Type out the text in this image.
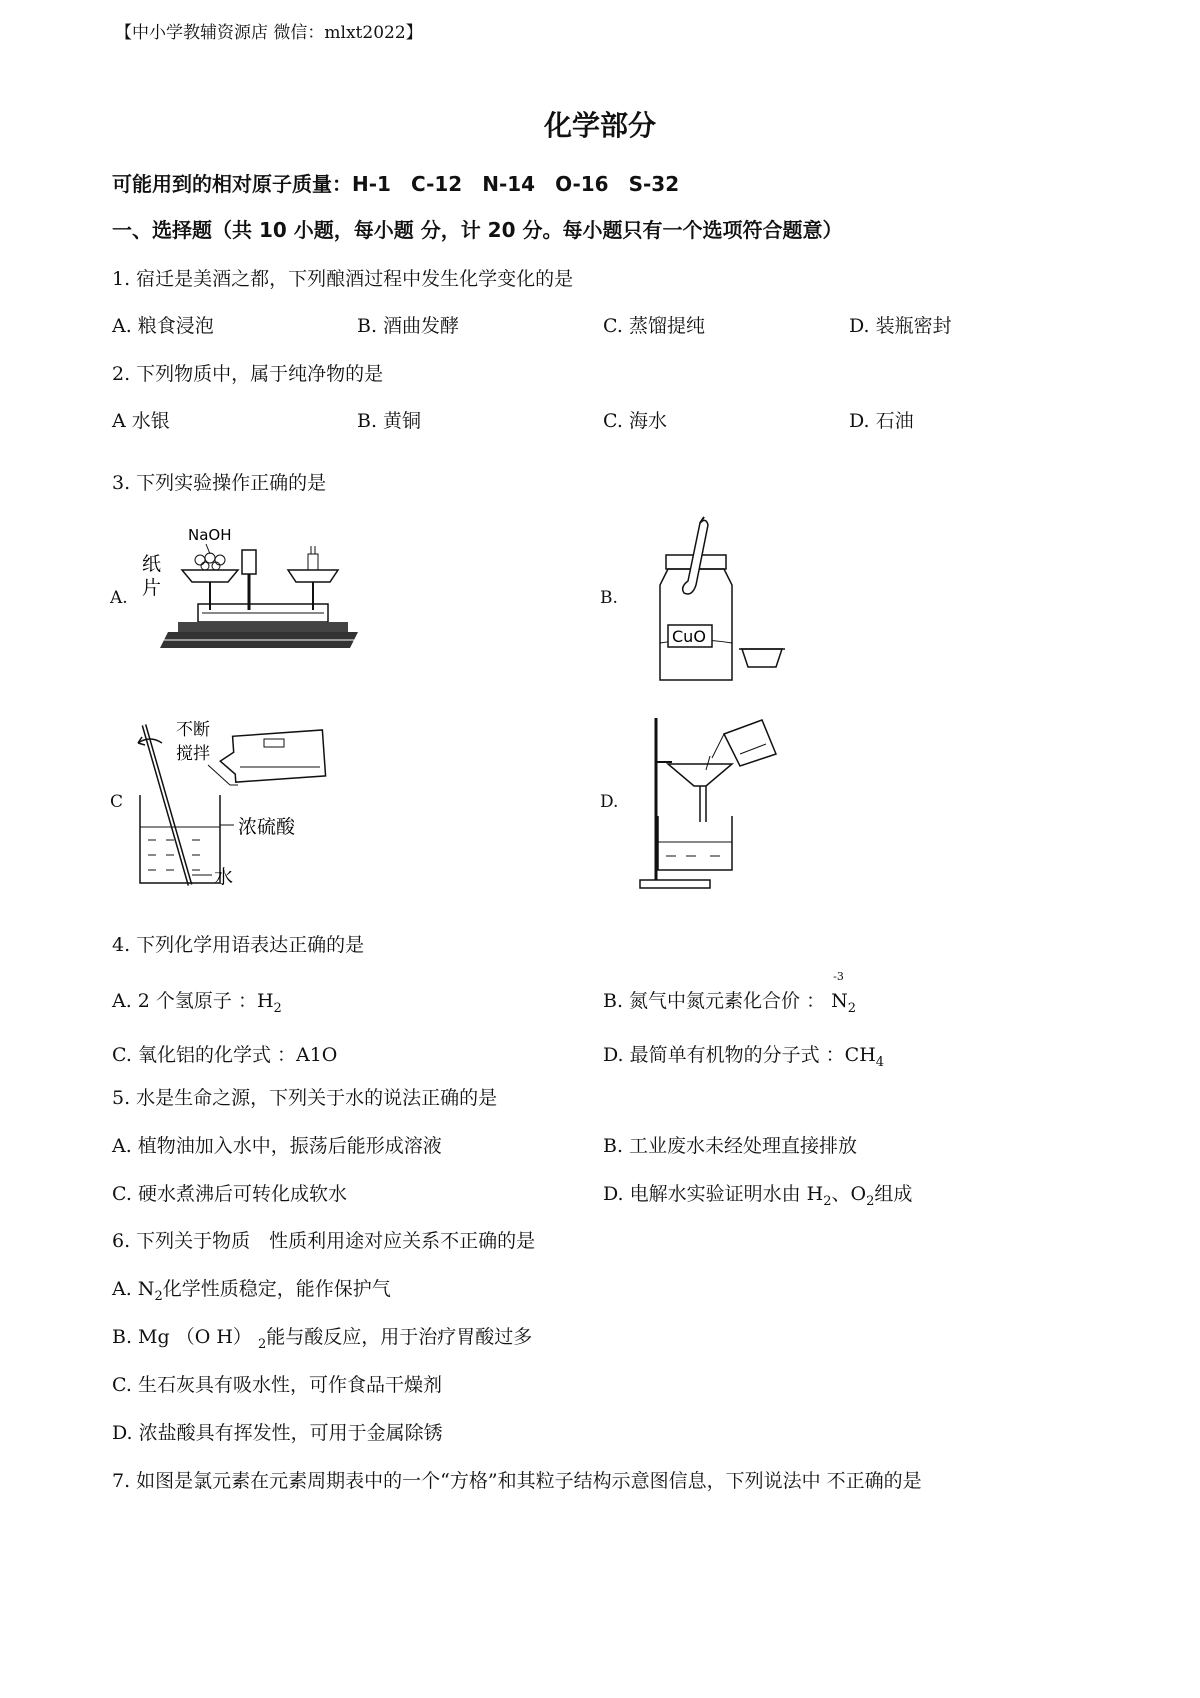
【中小学教辅资源店 微信：mlxt2022】
化学部分
可能用到的相对原子质量：H-1　C-12　N-14　O-16　S-32
一、选择题（共 10 小题，每小题 分，计 20 分。每小题只有一个选项符合题意）
1. 宿迁是美酒之都，下列酿酒过程中发生化学变化的是
A. 粮食浸泡	B. 酒曲发酵	C. 蒸馏提纯	D. 装瓶密封
2. 下列物质中，属于纯净物的是
A 水银	B. 黄铜	C. 海水	D. 石油
3. 下列实验操作正确的是
A.
NaOH
纸
片	B.
CuO
C
不断
搅拌
浓硫酸
水
D.
4. 下列化学用语表达正确的是
A. 2 个氢原子 ：$H_2$	B. 氮气中氮元素化合价 ：
-3
$N_2$
C. 氧化铝的化学式 ：A1O	D. 最简单有机物的分子式 ：$CH_4$
5. 水是生命之源，下列关于水的说法正确的是
A. 植物油加入水中，振荡后能形成溶液	B. 工业废水未经处理直接排放
C. 硬水煮沸后可转化成软水	D. 电解水实验证明水由 $H_2$、$O_2$组成
6. 下列关于物质　性质利用途对应关系不正确的是
A. $N_2$化学性质稳定，能作保护气
B. Mg （O H） $_2$能与酸反应，用于治疗胃酸过多
C. 生石灰具有吸水性，可作食品干燥剂
D. 浓盐酸具有挥发性，可用于金属除锈
7. 如图是氯元素在元素周期表中的一个“方格”和其粒子结构示意图信息，下列说法中 不正确的是
